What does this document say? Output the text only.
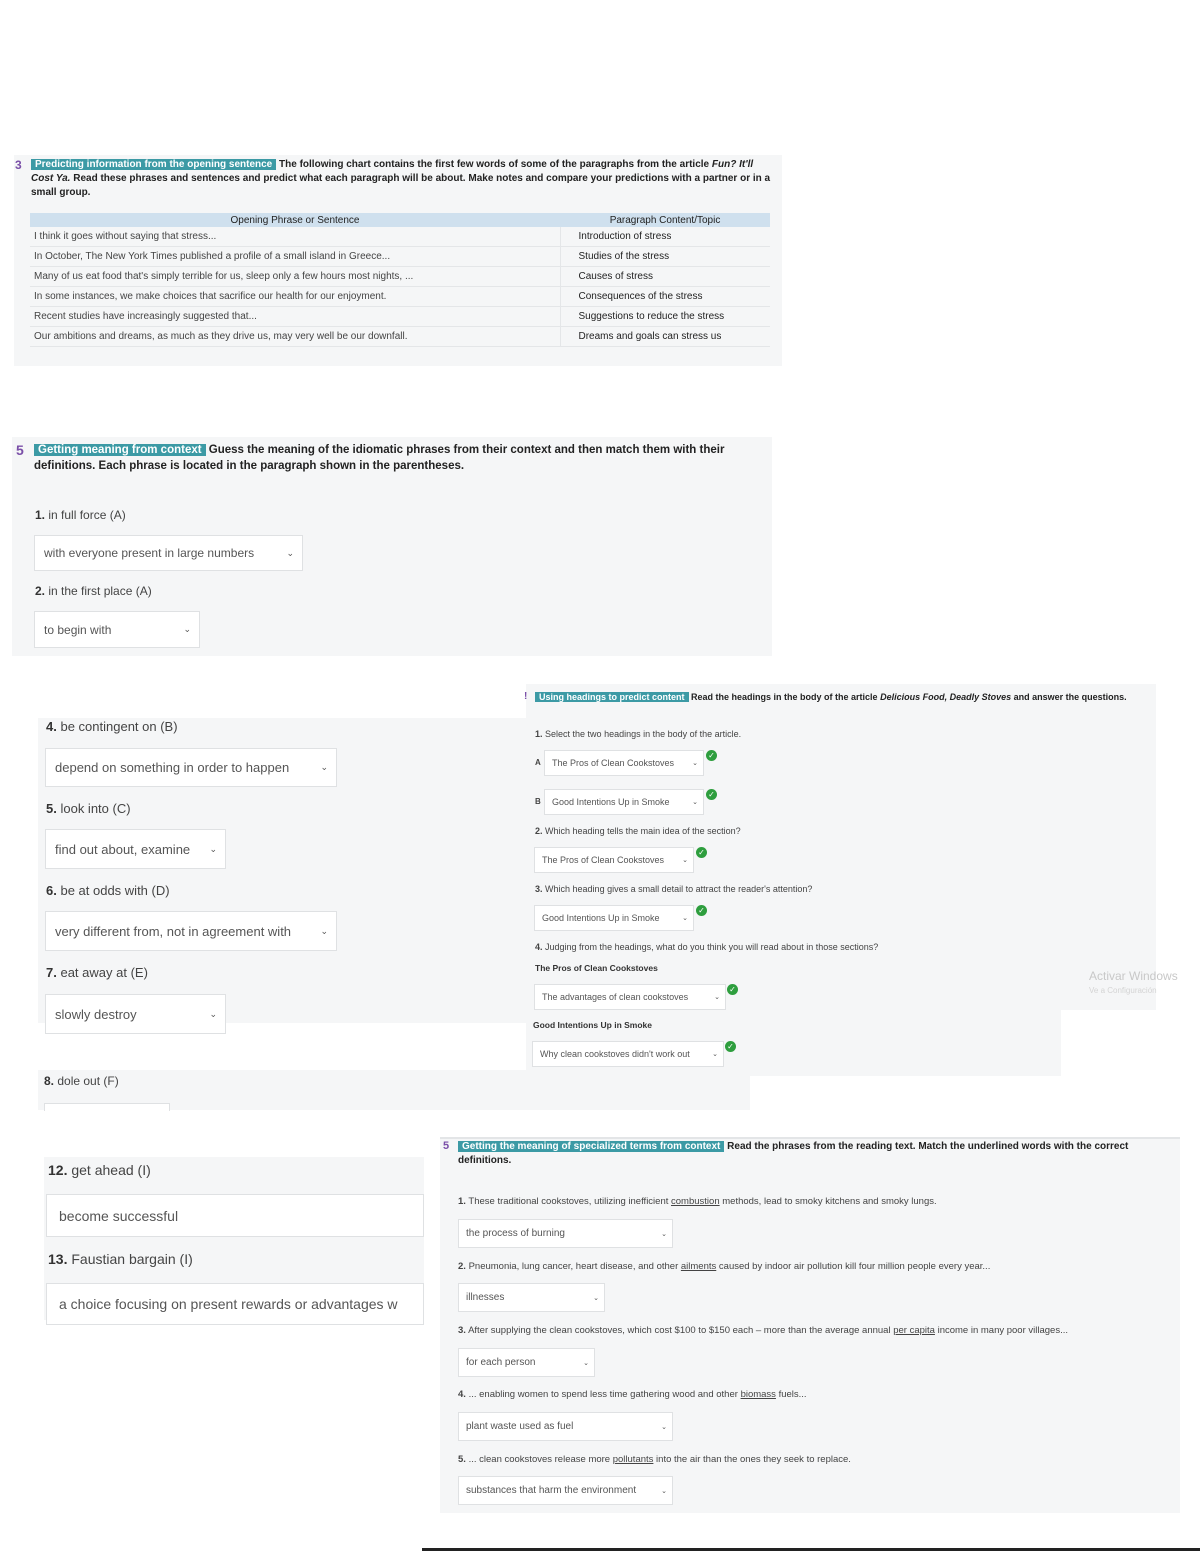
3	Predicting information from the opening sentence The following chart contains the first few words of some of the paragraphs from the article Fun? It'll Cost Ya. Read these phrases and sentences and predict what each paragraph will be about. Make notes and compare your predictions with a partner or in a small group.
Opening Phrase or Sentence	Paragraph Content/Topic
I think it goes without saying that stress...	Introduction of stress
In October, The New York Times published a profile of a small island in Greece...	Studies of the stress
Many of us eat food that's simply terrible for us, sleep only a few hours most nights, ...	Causes of stress
In some instances, we make choices that sacrifice our health for our enjoyment.	Consequences of the stress
Recent studies have increasingly suggested that...	Suggestions to reduce the stress
Our ambitions and dreams, as much as they drive us, may very well be our downfall.	Dreams and goals can stress us
5	Getting meaning from context Guess the meaning of the idiomatic phrases from their context and then match them with their definitions. Each phrase is located in the paragraph shown in the parentheses.
1. in full force (A)
with everyone present in large numbers	⌄
2. in the first place (A)
to begin with	⌄
4. be contingent on (B)
depend on something in order to happen	⌄
5. look into (C)
find out about, examine ⌄
6. be at odds with (D)
very different from, not in agreement with	⌄
7. eat away at (E)
slowly destroy	⌄
8. dole out (F)
12. get ahead (I)
become successful
13. Faustian bargain (I)
a choice focusing on present rewards or advantages w
!	Using headings to predict content Read the headings in the body of the article Delicious Food, Deadly Stoves and answer the questions.
1. Select the two headings in the body of the article.
A The Pros of Clean Cookstoves	⌄
✓
B Good Intentions Up in Smoke	⌄
✓
2. Which heading tells the main idea of the section?
The Pros of Clean Cookstoves	⌄
✓
3. Which heading gives a small detail to attract the reader's attention?
Good Intentions Up in Smoke	⌄
✓
4. Judging from the headings, what do you think you will read about in those sections?
The Pros of Clean Cookstoves
The advantages of clean cookstoves	⌄
✓
Good Intentions Up in Smoke
Why clean cookstoves didn't work out	⌄
✓
Activar Windows
Ve a Configuración
5	Getting the meaning of specialized terms from context Read the phrases from the reading text. Match the underlined words with the correct definitions.
1. These traditional cookstoves, utilizing inefficient combustion methods, lead to smoky kitchens and smoky lungs.
the process of burning	⌄
2. Pneumonia, lung cancer, heart disease, and other ailments caused by indoor air pollution kill four million people every year...
illnesses	⌄
3. After supplying the clean cookstoves, which cost $100 to $150 each – more than the average annual per capita income in many poor villages...
for each person	⌄
4. ... enabling women to spend less time gathering wood and other biomass fuels...
plant waste used as fuel	⌄
5. ... clean cookstoves release more pollutants into the air than the ones they seek to replace.
substances that harm the environment	⌄
